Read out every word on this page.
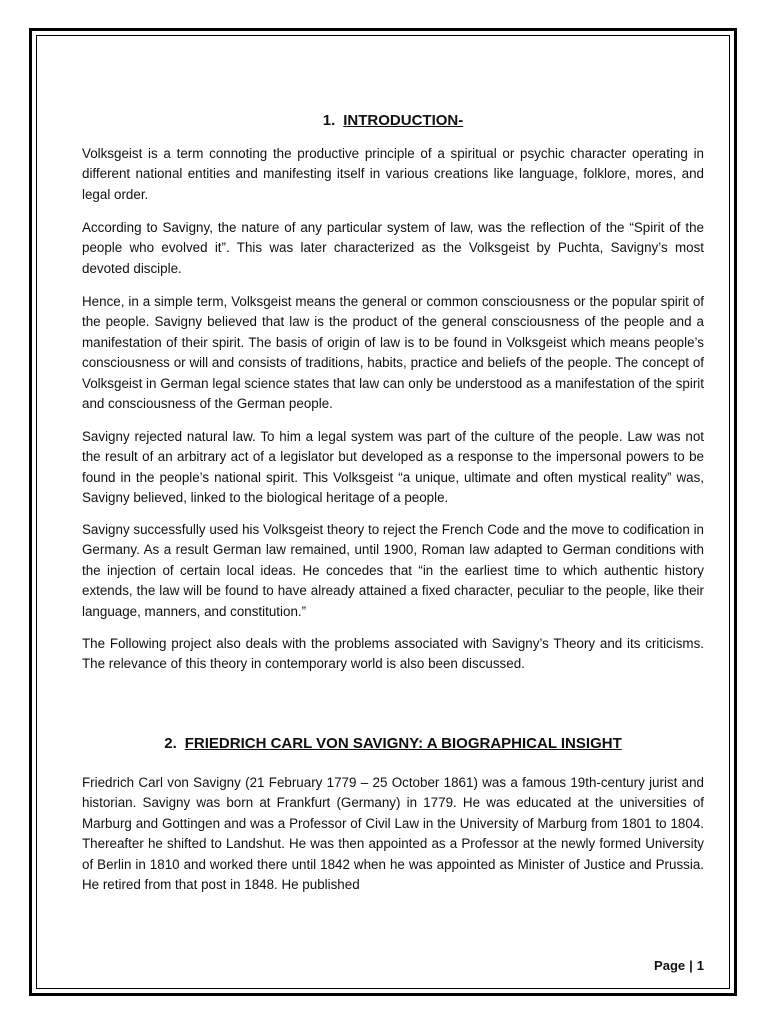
1. INTRODUCTION-

Volksgeist is a term connoting the productive principle of a spiritual or psychic character operating in different national entities and manifesting itself in various creations like language, folklore, mores, and legal order.

According to Savigny, the nature of any particular system of law, was the reflection of the “Spirit of the people who evolved it”. This was later characterized as the Volksgeist by Puchta, Savigny’s most devoted disciple.

Hence, in a simple term, Volksgeist means the general or common consciousness or the popular spirit of the people. Savigny believed that law is the product of the general consciousness of the people and a manifestation of their spirit. The basis of origin of law is to be found in Volksgeist which means people’s consciousness or will and consists of traditions, habits, practice and beliefs of the people. The concept of Volksgeist in German legal science states that law can only be understood as a manifestation of the spirit and consciousness of the German people.

Savigny rejected natural law. To him a legal system was part of the culture of the people. Law was not the result of an arbitrary act of a legislator but developed as a response to the impersonal powers to be found in the people’s national spirit. This Volksgeist “a unique, ultimate and often mystical reality” was, Savigny believed, linked to the biological heritage of a people.

Savigny successfully used his Volksgeist theory to reject the French Code and the move to codification in Germany. As a result German law remained, until 1900, Roman law adapted to German conditions with the injection of certain local ideas. He concedes that “in the earliest time to which authentic history extends, the law will be found to have already attained a fixed character, peculiar to the people, like their language, manners, and constitution.”

The Following project also deals with the problems associated with Savigny’s Theory and its criticisms. The relevance of this theory in contemporary world is also been discussed.

2. FRIEDRICH CARL VON SAVIGNY: A BIOGRAPHICAL INSIGHT

Friedrich Carl von Savigny (21 February 1779 – 25 October 1861) was a famous 19th-century jurist and historian. Savigny was born at Frankfurt (Germany) in 1779. He was educated at the universities of Marburg and Gottingen and was a Professor of Civil Law in the University of Marburg from 1801 to 1804. Thereafter he shifted to Landshut. He was then appointed as a Professor at the newly formed University of Berlin in 1810 and worked there until 1842 when he was appointed as Minister of Justice and Prussia. He retired from that post in 1848. He published

Page | 1
